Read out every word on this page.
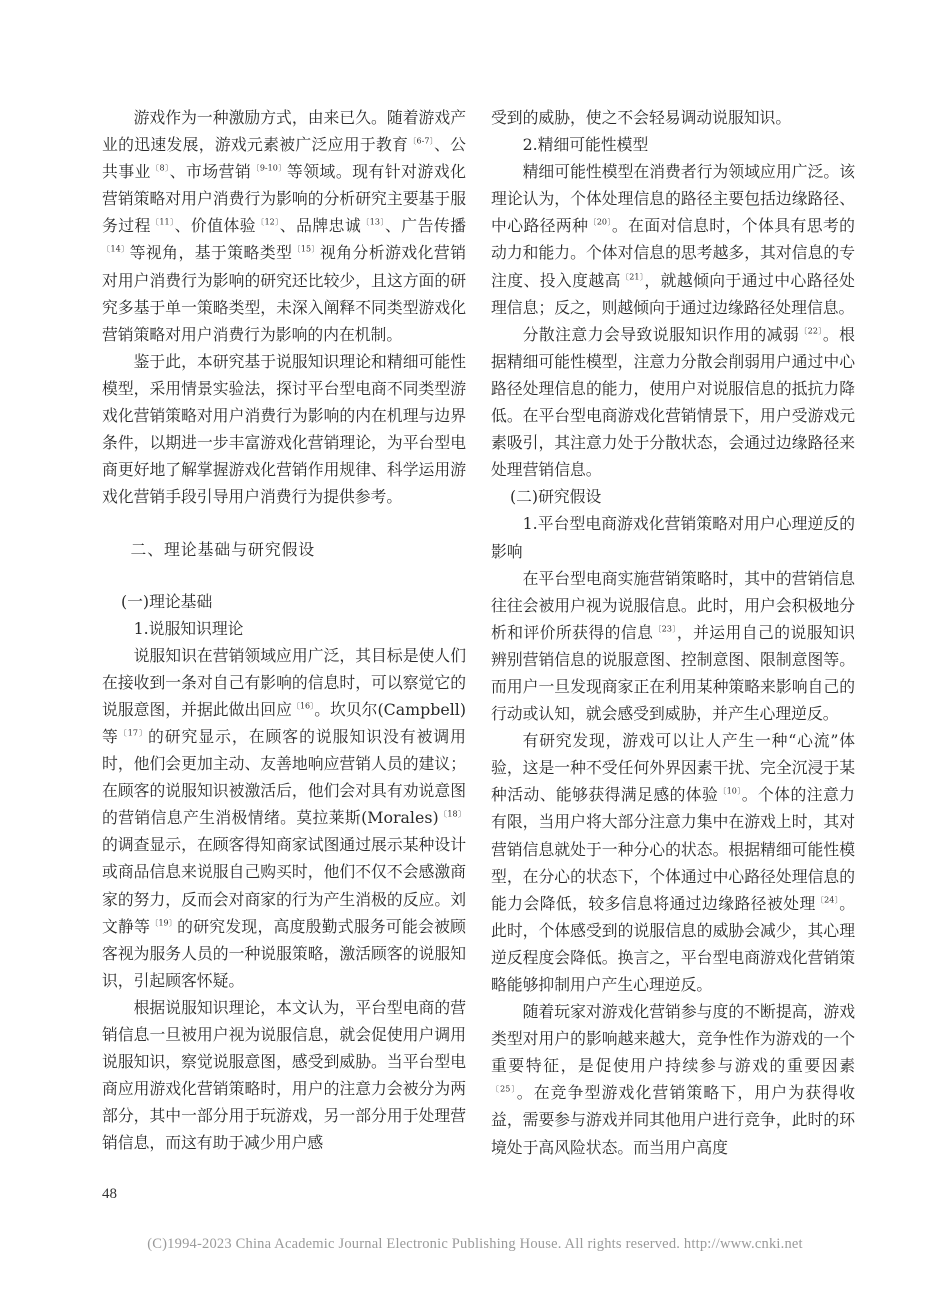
游戏作为一种激励方式，由来已久。随着游戏产业的迅速发展，游戏元素被广泛应用于教育$^{〔6-7〕}$、公共事业$^{〔8〕}$、市场营销$^{〔9-10〕}$等领域。现有针对游戏化营销策略对用户消费行为影响的分析研究主要基于服务过程$^{〔11〕}$、价值体验$^{〔12〕}$、品牌忠诚$^{〔13〕}$、广告传播$^{〔14〕}$等视角，基于策略类型$^{〔15〕}$视角分析游戏化营销对用户消费行为影响的研究还比较少，且这方面的研究多基于单一策略类型，未深入阐释不同类型游戏化营销策略对用户消费行为影响的内在机制。

鉴于此，本研究基于说服知识理论和精细可能性模型，采用情景实验法，探讨平台型电商不同类型游戏化营销策略对用户消费行为影响的内在机理与边界条件，以期进一步丰富游戏化营销理论，为平台型电商更好地了解掌握游戏化营销作用规律、科学运用游戏化营销手段引导用户消费行为提供参考。

二、理论基础与研究假设

(一)理论基础

1.说服知识理论

说服知识在营销领域应用广泛，其目标是使人们在接收到一条对自己有影响的信息时，可以察觉它的说服意图，并据此做出回应$^{〔16〕}$。坎贝尔(Campbell)等$^{〔17〕}$的研究显示，在顾客的说服知识没有被调用时，他们会更加主动、友善地响应营销人员的建议；在顾客的说服知识被激活后，他们会对具有劝说意图的营销信息产生消极情绪。莫拉莱斯(Morales)$^{〔18〕}$的调查显示，在顾客得知商家试图通过展示某种设计或商品信息来说服自己购买时，他们不仅不会感激商家的努力，反而会对商家的行为产生消极的反应。刘文静等$^{〔19〕}$的研究发现，高度殷勤式服务可能会被顾客视为服务人员的一种说服策略，激活顾客的说服知识，引起顾客怀疑。

根据说服知识理论，本文认为，平台型电商的营销信息一旦被用户视为说服信息，就会促使用户调用说服知识，察觉说服意图，感受到威胁。当平台型电商应用游戏化营销策略时，用户的注意力会被分为两部分，其中一部分用于玩游戏，另一部分用于处理营销信息，而这有助于减少用户感

受到的威胁，使之不会轻易调动说服知识。

2.精细可能性模型

精细可能性模型在消费者行为领域应用广泛。该理论认为，个体处理信息的路径主要包括边缘路径、中心路径两种$^{〔20〕}$。在面对信息时，个体具有思考的动力和能力。个体对信息的思考越多，其对信息的专注度、投入度越高$^{〔21〕}$，就越倾向于通过中心路径处理信息；反之，则越倾向于通过边缘路径处理信息。

分散注意力会导致说服知识作用的减弱$^{〔22〕}$。根据精细可能性模型，注意力分散会削弱用户通过中心路径处理信息的能力，使用户对说服信息的抵抗力降低。在平台型电商游戏化营销情景下，用户受游戏元素吸引，其注意力处于分散状态，会通过边缘路径来处理营销信息。

(二)研究假设

1.平台型电商游戏化营销策略对用户心理逆反的影响

在平台型电商实施营销策略时，其中的营销信息往往会被用户视为说服信息。此时，用户会积极地分析和评价所获得的信息$^{〔23〕}$，并运用自己的说服知识辨别营销信息的说服意图、控制意图、限制意图等。而用户一旦发现商家正在利用某种策略来影响自己的行动或认知，就会感受到威胁，并产生心理逆反。

有研究发现，游戏可以让人产生一种“心流”体验，这是一种不受任何外界因素干扰、完全沉浸于某种活动、能够获得满足感的体验$^{〔10〕}$。个体的注意力有限，当用户将大部分注意力集中在游戏上时，其对营销信息就处于一种分心的状态。根据精细可能性模型，在分心的状态下，个体通过中心路径处理信息的能力会降低，较多信息将通过边缘路径被处理$^{〔24〕}$。此时，个体感受到的说服信息的威胁会减少，其心理逆反程度会降低。换言之，平台型电商游戏化营销策略能够抑制用户产生心理逆反。

随着玩家对游戏化营销参与度的不断提高，游戏类型对用户的影响越来越大，竞争性作为游戏的一个重要特征，是促使用户持续参与游戏的重要因素$^{〔25〕}$。在竞争型游戏化营销策略下，用户为获得收益，需要参与游戏并同其他用户进行竞争，此时的环境处于高风险状态。而当用户高度

48
(C)1994-2023 China Academic Journal Electronic Publishing House. All rights reserved. http://www.cnki.net
